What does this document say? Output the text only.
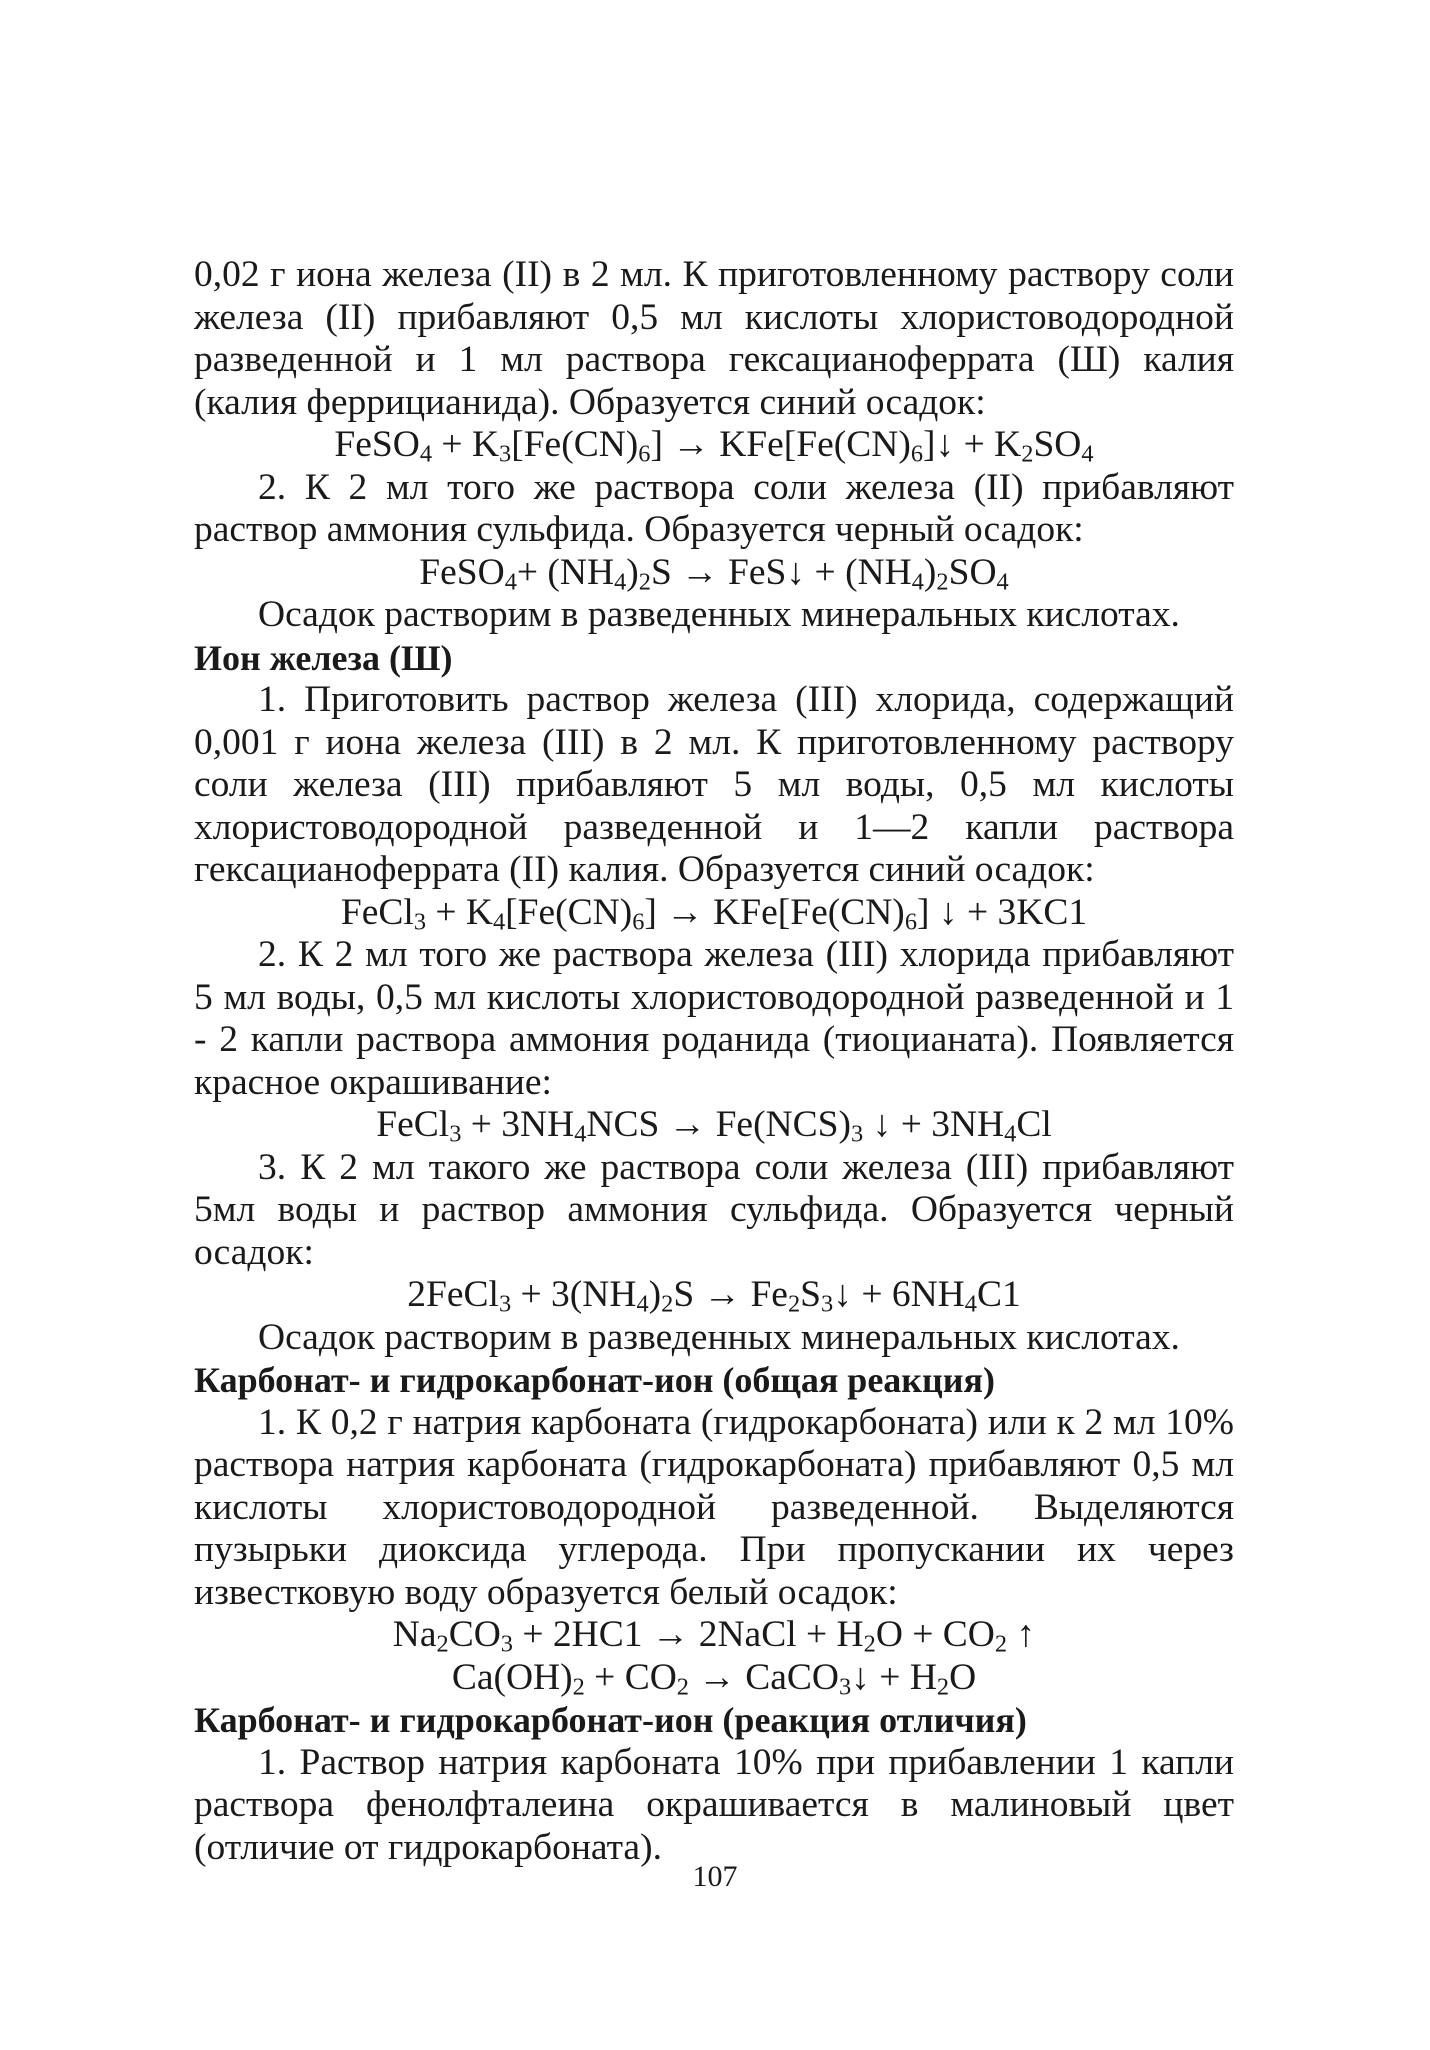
0,02 г иона железа (II) в 2 мл. К приготовленному раствору соли железа (II) прибавляют 0,5 мл кислоты хлористоводородной разведенной и 1 мл раствора гексацианоферрата (Ш) калия (калия феррицианида). Образуется синий осадок:

FeSO$_4$ + $K_3[Fe(CN)_6]$ → $KFe[Fe(CN)_6]↓ + K_2SO_4$

2. К 2 мл того же раствора соли железа (II) прибавляют раствор аммония сульфида. Образуется черный осадок:

FeSO$_4$+ $(NH_4)_2S$ → FeS↓ + $(NH_4)_2SO_4$

Осадок растворим в разведенных минеральных кислотах.

Ион железа (Ш)

1. Приготовить раствор железа (III) хлорида, содержащий 0,001 г иона железа (III) в 2 мл. К приготовленному раствору соли железа (III) прибавляют 5 мл воды, 0,5 мл кислоты хлористоводородной разведенной и 1—2 капли раствора гексацианоферрата (II) калия. Образуется синий осадок:

FeCl$_3$ + $K_4[Fe(CN)_6] \to KFe[Fe(CN)_6]$ ↓ + 3KC1

2. К 2 мл того же раствора железа (III) хлорида прибавляют 5 мл воды, 0,5 мл кислоты хлористоводородной разведенной и 1 - 2 капли раствора аммония роданида (тиоцианата). Появляется красное окрашивание:

FeCl$_3$ + $3NH_4NCS \to Fe(NCS)_3$ ↓ + $3NH_4Cl$

3. К 2 мл такого же раствора соли железа (III) прибавляют 5мл воды и раствор аммония сульфида. Образуется черный осадок:

2FeCl$_3$ + $3(NH_4)_2S$ → $Fe_2S_3↓ + 6NH_4C1$

Осадок растворим в разведенных минеральных кислотах.

Карбонат- и гидрокарбонат-ион (общая реакция)

1. К 0,2 г натрия карбоната (гидрокарбоната) или к 2 мл 10% раствора натрия карбоната (гидрокарбоната) прибавляют 0,5 мл кислоты хлористоводородной разведенной. Выделяются пузырьки диоксида углерода. При пропускании их через известковую воду образуется белый осадок:

$Na_2CO_3 + 2HC1$ → 2NaCl + $H_2O + CO_2$ ↑

$Ca(OH)_2 + CO_2$ → CaCO$_3$↓ + $H_2O$

Карбонат- и гидрокарбонат-ион (реакция отличия)

1. Раствор натрия карбоната 10% при прибавлении 1 капли раствора фенолфталеина окрашивается в малиновый цвет (отличие от гидрокарбоната).

107
